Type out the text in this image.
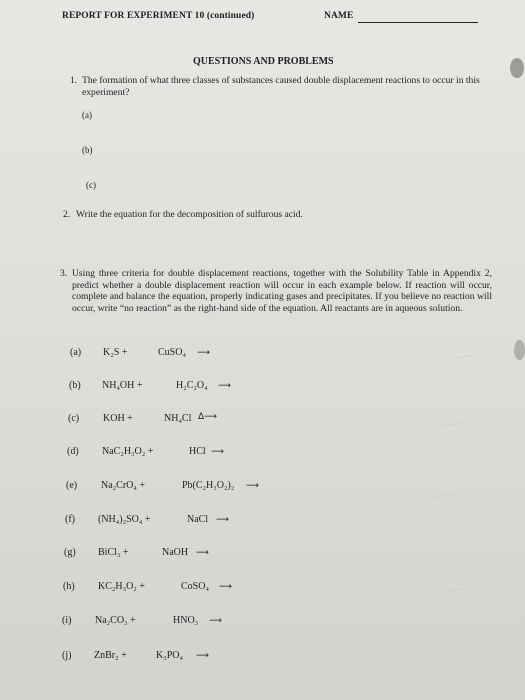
REPORT FOR EXPERIMENT 10 (continued)	NAME
QUESTIONS AND PROBLEMS
1. The formation of what three classes of substances caused double displacement reactions to occur in this experiment?
(a)
(b)
(c)
2. Write the equation for the decomposition of sulfurous acid.
3. Using three criteria for double displacement reactions, together with the Solubility Table in Appendix 2, predict whether a double displacement reaction will occur in each example below. If reaction will occur, complete and balance the equation, properly indicating gases and precipitates. If you believe no reaction will occur, write “no reaction” as the right-hand side of the equation. All reactants are in aqueous solution.
(a) K₂S +	CuSO₄ ⟶
(b) NH₄OH +	H₂C₂O₄ ⟶
(c) KOH +	NH₄Cl Δ⟶
(d) NaC₂H₃O₂ +	HCl ⟶
(e) Na₂CrO₄ +	Pb(C₂H₃O₂)₂ ⟶
(f) (NH₄)₂SO₄ +	NaCl ⟶
(g) BiCl₃ +	NaOH ⟶
(h) KC₂H₃O₂ +	CoSO₄ ⟶
(i) Na₂CO₃ +	HNO₃ ⟶
(j) ZnBr₂ +	K₃PO₄ ⟶
~~
~~~
~~~~
~~~
